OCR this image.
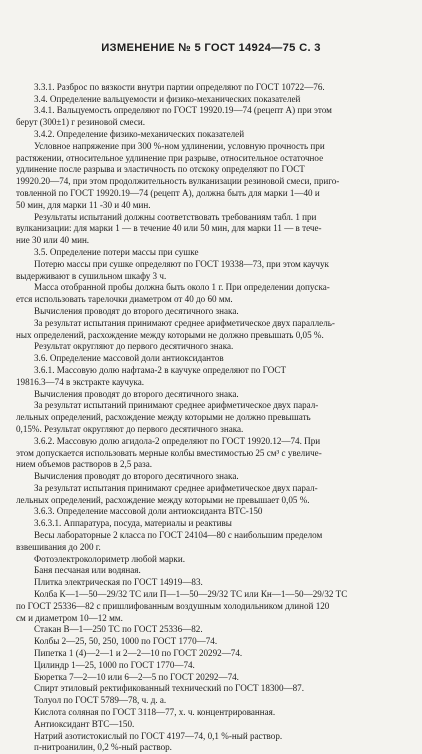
ИЗМЕНЕНИЕ № 5 ГОСТ 14924—75 С. 3
3.3.1. Разброс по вязкости внутри партии определяют по ГОСТ 10722—76.
3.4. Определение вальцуемости и физико-механических показателей
3.4.1. Вальцуемость определяют по ГОСТ 19920.19—74 (рецепт А) при этом
берут (300±1) г резиновой смеси.
3.4.2. Определение физико-механических показателей
Условное напряжение при 300 %-ном удлинении, условную прочность при
растяжении, относительное удлинение при разрыве, относительное остаточное
удлинение после разрыва и эластичность по отскоку определяют по ГОСТ
19920.20—74, при этом продолжительность вулканизации резиновой смеси, приго-
товленной по ГОСТ 19920.19—74 (рецепт А), должна быть для марки 1—40 и
50 мин, для марки 11 -30 и 40 мин.
Результаты испытаний должны соответствовать требованиям табл. 1 при
вулканизации: для марки 1 — в течение 40 или 50 мин, для марки 11 — в тече-
ние 30 или 40 мин.
3.5. Определение потери массы при сушке
Потерю массы при сушке определяют по ГОСТ 19338—73, при этом каучук
выдерживают в сушильном шкафу 3 ч.
Масса отобранной пробы должна быть около 1 г. При определении допуска-
ется использовать тарелочки диаметром от 40 до 60 мм.
Вычисления проводят до второго десятичного знака.
За результат испытания принимают среднее арифметическое двух параллель-
ных определений, расхождение между которыми не должно превышать 0,05 %.
Результат округляют до первого десятичного знака.
3.6. Определение массовой доли антиоксидантов
3.6.1. Массовую долю нафтама-2 в каучуке определяют по ГОСТ
19816.3—74 в экстракте каучука.
Вычисления проводят до второго десятичного знака.
За результат испытаний принимают среднее арифметическое двух парал-
лельных определений, расхождение между которыми не должно превышать
0,15%. Результат округляют до первого десятичного знака.
3.6.2. Массовую долю агидола-2 определяют по ГОСТ 19920.12—74. При
этом допускается использовать мерные колбы вместимостью 25 см³ с увеличе-
нием объемов растворов в 2,5 раза.
Вычисления проводят до второго десятичного знака.
За результат испытания принимают среднее арифметическое двух парал-
лельных определений, расхождение между которыми не превышает 0,05 %.
3.6.3. Определение массовой доли антиоксиданта ВТС-150
3.6.3.1. Аппаратура, посуда, материалы и реактивы
Весы лабораторные 2 класса по ГОСТ 24104—80 с наибольшим пределом
взвешивания до 200 г.
Фотоэлектроколориметр любой марки.
Баня песчаная или водяная.
Плитка электрическая по ГОСТ 14919—83.
Колба К—1—50—29/32 ТС или П—1—50—29/32 ТС или Кн—1—50—29/32 ТС
по ГОСТ 25336—82 с пришлифованным воздушным холодильником длиной 120
см и диаметром 10—12 мм.
Стакан В—1—250 ТС по ГОСТ 25336—82.
Колбы 2—25, 50, 250, 1000 по ГОСТ 1770—74.
Пипетка 1 (4)—2—1 и 2—2—10 по ГОСТ 20292—74.
Цилиндр 1—25, 1000 по ГОСТ 1770—74.
Бюретка 7—2—10 или 6—2—5 по ГОСТ 20292—74.
Спирт этиловый ректификованный технический по ГОСТ 18300—87.
Толуол по ГОСТ 5789—78, ч. д. а.
Кислота соляная по ГОСТ 3118—77, х. ч. концентрированная.
Антиоксидант ВТС—150.
Натрий азотистокислый по ГОСТ 4197—74, 0,1 %-ный раствор.
п-нитроанилин, 0,2 %-ный раствор.
